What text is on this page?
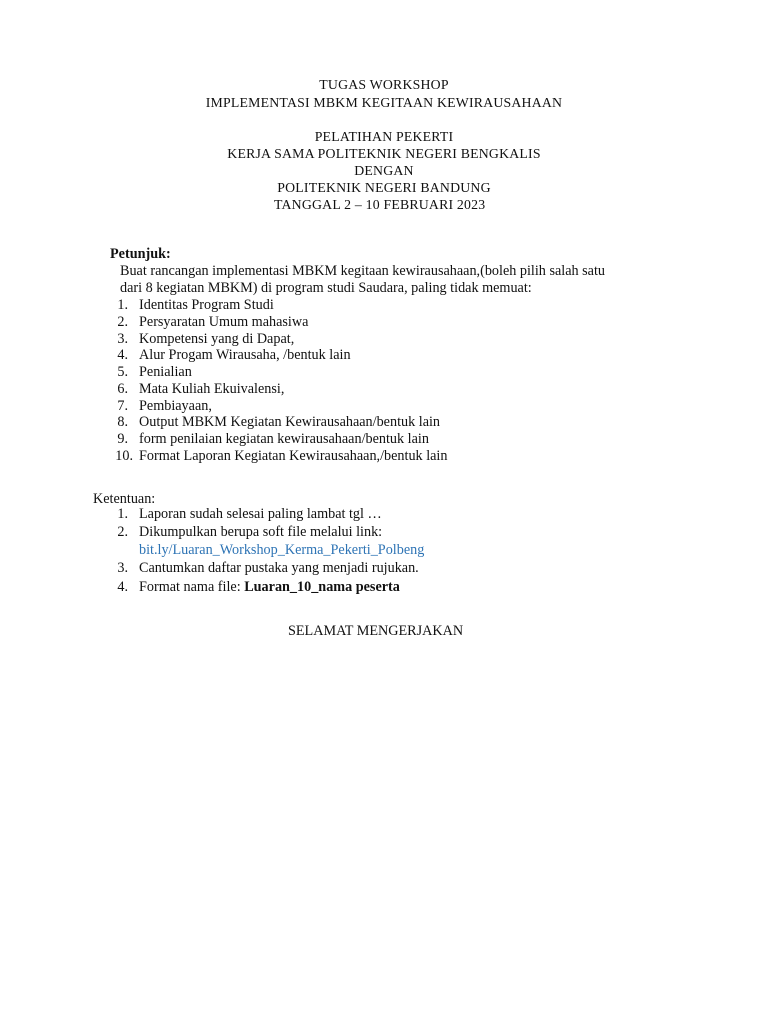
TUGAS WORKSHOP
IMPLEMENTASI MBKM KEGITAAN KEWIRAUSAHAAN
PELATIHAN PEKERTI
KERJA SAMA POLITEKNIK NEGERI BENGKALIS
DENGAN
POLITEKNIK NEGERI BANDUNG
TANGGAL 2 – 10 FEBRUARI 2023
Petunjuk:
Buat rancangan implementasi MBKM kegitaan kewirausahaan,(boleh pilih salah satu
dari 8 kegiatan MBKM) di program studi Saudara, paling tidak memuat:
1. Identitas Program Studi
2. Persyaratan Umum mahasiwa
3. Kompetensi yang di Dapat,
4. Alur Progam Wirausaha, /bentuk lain
5. Penialian
6. Mata Kuliah Ekuivalensi,
7. Pembiayaan,
8. Output MBKM Kegiatan Kewirausahaan/bentuk lain
9. form penilaian kegiatan kewirausahaan/bentuk lain
10. Format Laporan Kegiatan Kewirausahaan,/bentuk lain
Ketentuan:
1. Laporan sudah selesai paling lambat tgl …
2. Dikumpulkan berupa soft file melalui link:
bit.ly/Luaran_Workshop_Kerma_Pekerti_Polbeng
3. Cantumkan daftar pustaka yang menjadi rujukan.
4. Format nama file: Luaran_10_nama peserta
SELAMAT MENGERJAKAN
